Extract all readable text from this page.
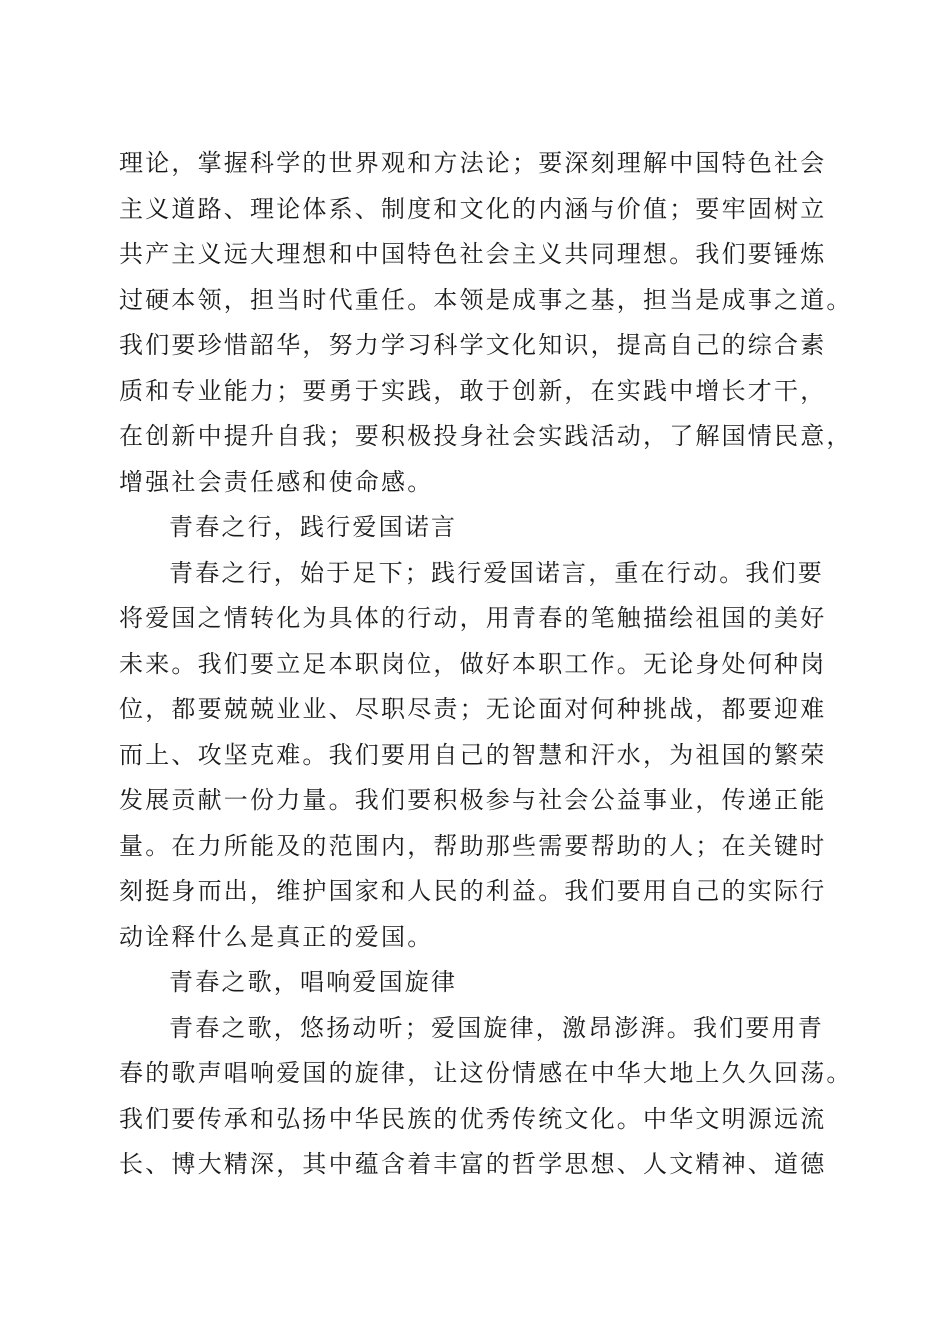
理论，掌握科学的世界观和方法论；要深刻理解中国特色社会
主义道路、理论体系、制度和文化的内涵与价值；要牢固树立
共产主义远大理想和中国特色社会主义共同理想。我们要锤炼
过硬本领，担当时代重任。本领是成事之基，担当是成事之道。
我们要珍惜韶华，努力学习科学文化知识，提高自己的综合素
质和专业能力；要勇于实践，敢于创新，在实践中增长才干，
在创新中提升自我；要积极投身社会实践活动，了解国情民意，
增强社会责任感和使命感。
青春之行，践行爱国诺言
青春之行，始于足下；践行爱国诺言，重在行动。我们要
将爱国之情转化为具体的行动，用青春的笔触描绘祖国的美好
未来。我们要立足本职岗位，做好本职工作。无论身处何种岗
位，都要兢兢业业、尽职尽责；无论面对何种挑战，都要迎难
而上、攻坚克难。我们要用自己的智慧和汗水，为祖国的繁荣
发展贡献一份力量。我们要积极参与社会公益事业，传递正能
量。在力所能及的范围内，帮助那些需要帮助的人；在关键时
刻挺身而出，维护国家和人民的利益。我们要用自己的实际行
动诠释什么是真正的爱国。
青春之歌，唱响爱国旋律
青春之歌，悠扬动听；爱国旋律，激昂澎湃。我们要用青
春的歌声唱响爱国的旋律，让这份情感在中华大地上久久回荡。
我们要传承和弘扬中华民族的优秀传统文化。中华文明源远流
长、博大精深，其中蕴含着丰富的哲学思想、人文精神、道德
